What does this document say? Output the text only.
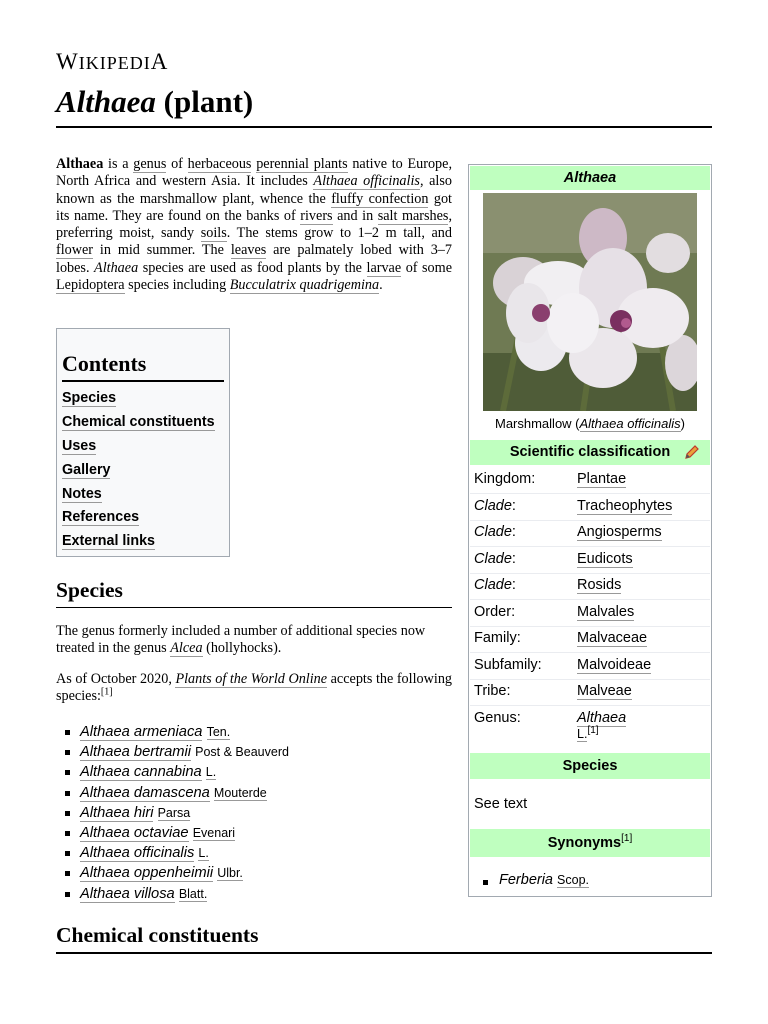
WIKIPEDIA
Althaea (plant)

Althaea is a genus of herbaceous perennial plants native to Europe, North Africa and western Asia. It includes Althaea officinalis, also known as the marshmallow plant, whence the fluffy confection got its name. They are found on the banks of rivers and in salt marshes, preferring moist, sandy soils. The stems grow to 1–2 m tall, and flower in mid summer. The leaves are palmately lobed with 3–7 lobes. Althaea species are used as food plants by the larvae of some Lepidoptera species including Bucculatrix quadrigemina.

Contents
Species
Chemical constituents
Uses
Gallery
Notes
References
External links
Species

The genus formerly included a number of additional species now treated in the genus Alcea (hollyhocks).

As of October 2020, Plants of the World Online accepts the following species:[1]

Althaea armeniaca Ten.
Althaea bertramii Post & Beauverd
Althaea cannabina L.
Althaea damascena Mouterde
Althaea hiri Parsa
Althaea octaviae Evenari
Althaea officinalis L.
Althaea oppenheimii Ulbr.
Althaea villosa Blatt.
Chemical constituents
Althaea
Marshmallow (Althaea officinalis)
Scientific classification
Kingdom:	Plantae
Clade:	Tracheophytes
Clade:	Angiosperms
Clade:	Eudicots
Clade:	Rosids
Order:	Malvales
Family:	Malvaceae
Subfamily: Malvoideae
Tribe:	Malveae
Genus:	Althaea
L.[1]
Species
See text
Synonyms[1]
Ferberia Scop.
